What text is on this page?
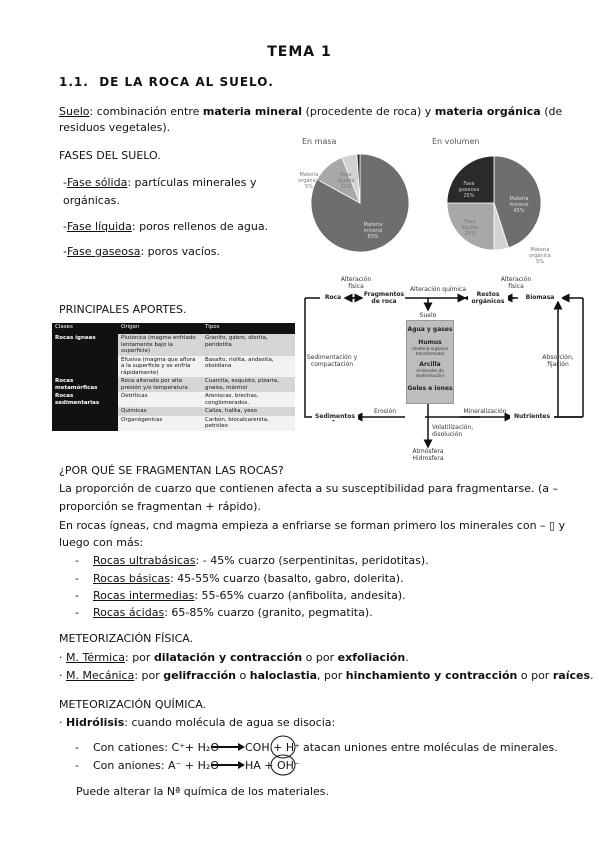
TEMA 1
1.1. DE LA ROCA AL SUELO.
Suelo: combinación entre materia mineral (procedente de roca) y materia orgánica (de
residuos vegetales).
FASES DEL SUELO.
-Fase sólida: partículas minerales y
orgánicas.
-Fase líquida: poros rellenos de agua.
-Fase gaseosa: poros vacíos.
En masa	En volumen
Materia orgánica
5%
Fase líquida
11%
Materia mineral
83%
Fase gaseosa
25%	Materia mineral
45%
Fase líquida
25%
Materia orgánica
5%
PRINCIPALES APORTES.
Clases	Origen	Tipos
Rocas ígneas	Plutónica (magma enfriado lentamente bajo la superficie)	Granito, gabro, diorita, peridotita
	Efusiva (magma que aflora a la superficie y se enfría rápidamente)	Basalto, riolita, andesita, obsidiana
Rocas metamórficas	Roca alterada por alta presión y/o temperatura	Cuarcita, esquisto, pizarra, gneiss, mármol
Rocas sedimentarias	Detríticas	Areniscas, brechas, conglomerados.
	Químicas	Caliza, halita, yeso
	Organógenicas	Carbón, biocalcarenita, petróleo
Alteración física
Roca	Fragmentos de roca
Alteración química
Restos orgánicos
Alteración física
Biomasa
Suelo
Agua y gases
Humus
(materia orgánica transformada)
Arcilla
(minerales de neoformación)
Geles e iones
Sedimentación y compactación
Absorción, fijación
Sedimentos
Erosión	Mineralización
Nutrientes
Volatilización, disolución
Atmósfera Hidrosfera
¿POR QUÉ SE FRAGMENTAN LAS ROCAS?
La proporción de cuarzo que contienen afecta a su susceptibilidad para fragmentarse. (a –
proporción se fragmentan + rápido).
En rocas ígneas, cnd magma empieza a enfriarse se forman primero los minerales con – ▯ y
luego con más:
- Rocas ultrabásicas: - 45% cuarzo (serpentinitas, peridotitas).
- Rocas básicas: 45-55% cuarzo (basalto, gabro, dolerita).
- Rocas intermedias: 55-65% cuarzo (anfibolita, andesita).
- Rocas ácidas: 65-85% cuarzo (granito, pegmatita).
METEORIZACIÓN FÍSICA.
· M. Térmica: por dilatación y contracción o por exfoliación.
· M. Mecánica: por gelifracción o haloclastia, por hinchamiento y contracción o por raíces.
METEORIZACIÓN QUÍMICA.
· Hidrólisis: cuando molécula de agua se disocia:
- Con cationes: C⁺+ H₂O COH + H⁺ atacan uniones entre moléculas de minerales.
- Con aniones: A⁻ + H₂O HA + OH⁻
Puede alterar la Nª química de los materiales.
